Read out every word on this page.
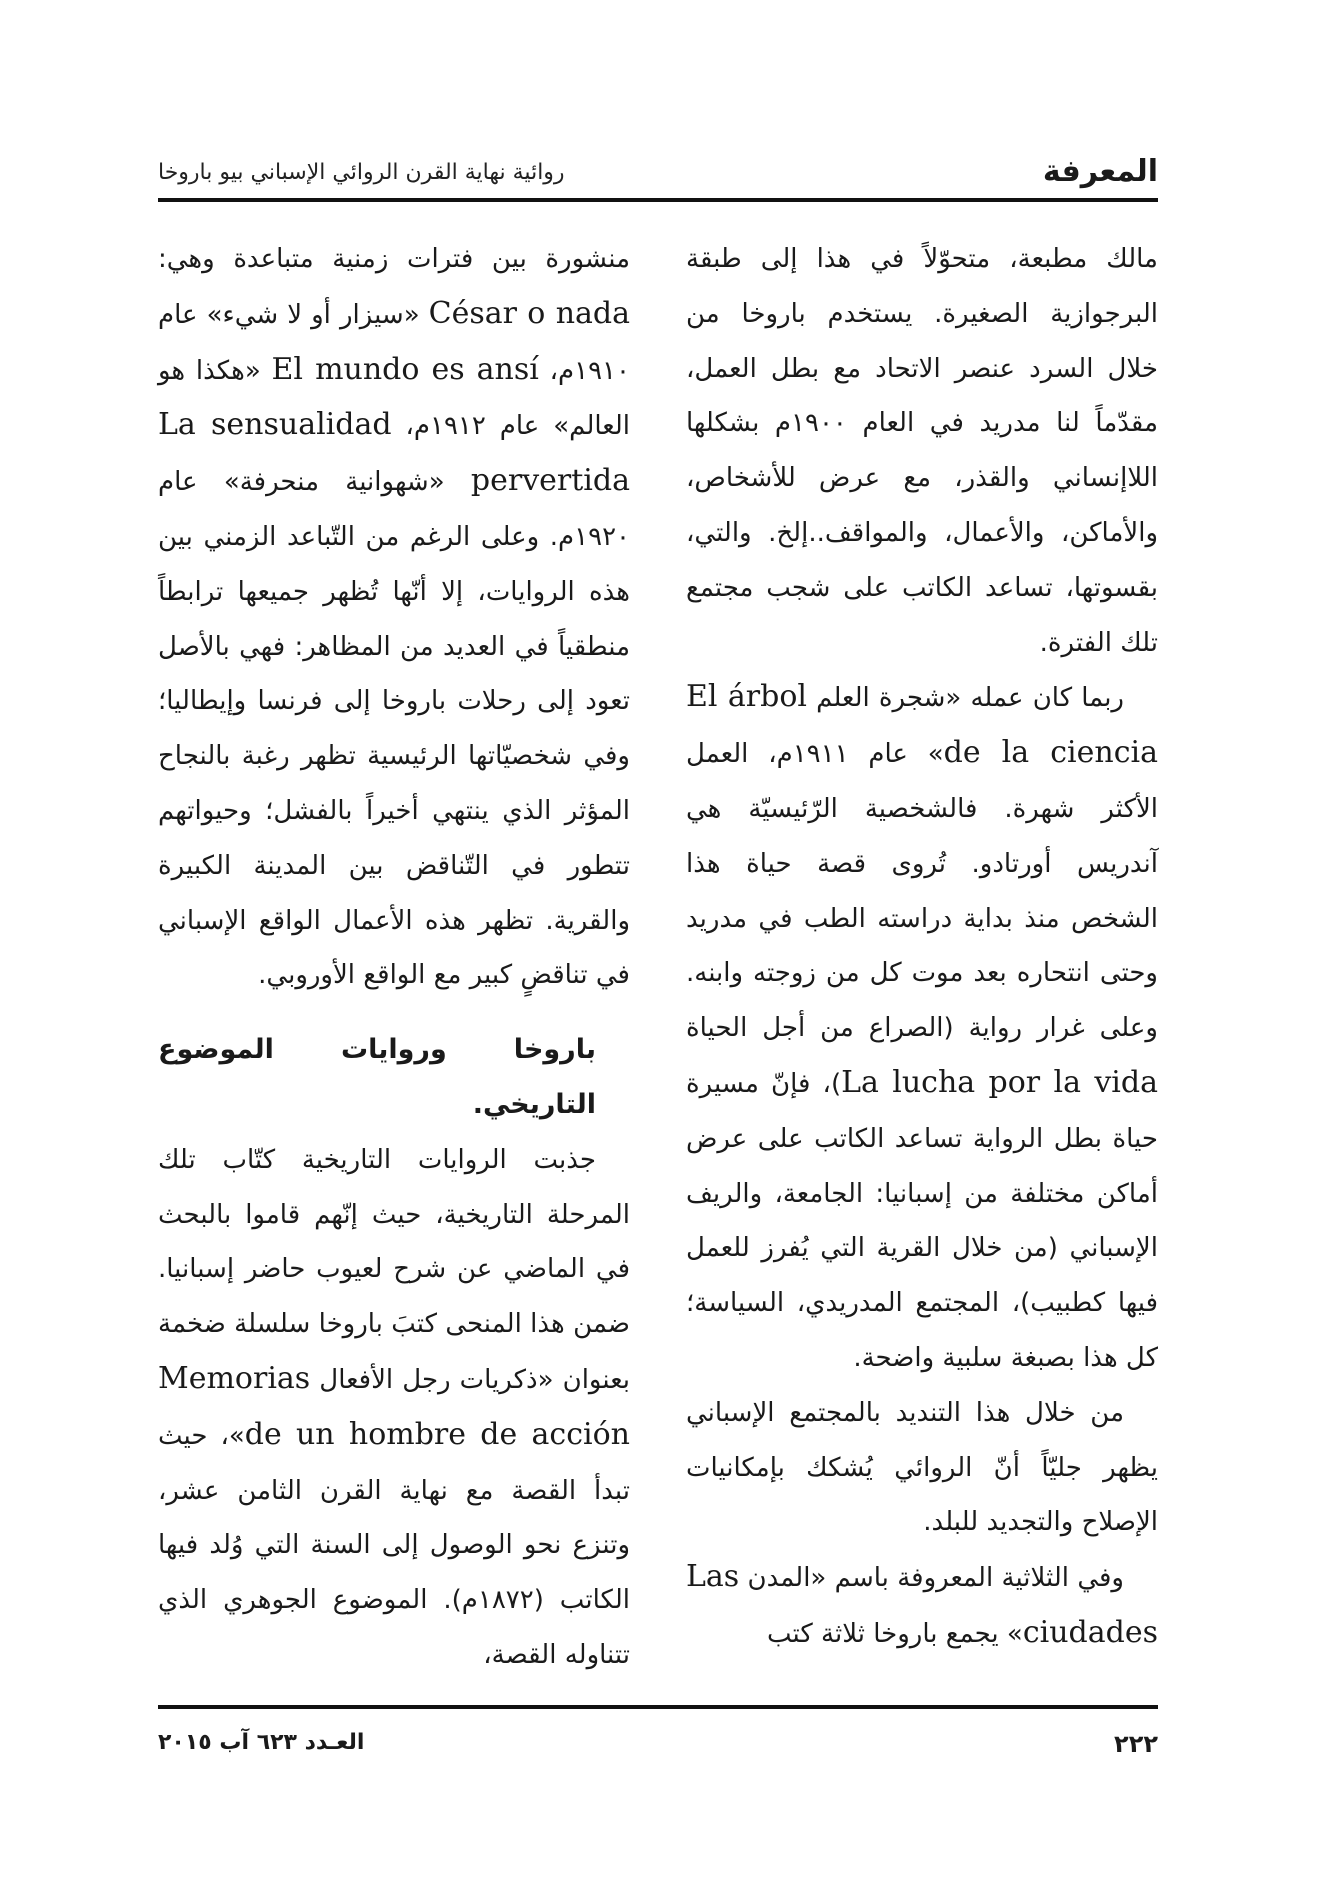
المعرفة
روائية نهاية القرن الروائي الإسباني بيو باروخا

مالك مطبعة، متحوّلاً في هذا إلى طبقة البرجوازية الصغيرة. يستخدم باروخا من خلال السرد عنصر الاتحاد مع بطل العمل، مقدّماً لنا مدريد في العام ١٩٠٠م بشكلها اللاإنساني والقذر، مع عرض للأشخاص، والأماكن، والأعمال، والمواقف..إلخ. والتي، بقسوتها، تساعد الكاتب على شجب مجتمع تلك الفترة.

ربما كان عمله «شجرة العلم El árbol de la ciencia» عام ١٩١١م، العمل الأكثر شهرة. فالشخصية الرّئيسيّة هي آندريس أورتادو. تُروى قصة حياة هذا الشخص منذ بداية دراسته الطب في مدريد وحتى انتحاره بعد موت كل من زوجته وابنه. وعلى غرار رواية (الصراع من أجل الحياة La lucha por la vida)، فإنّ مسيرة حياة بطل الرواية تساعد الكاتب على عرض أماكن مختلفة من إسبانيا: الجامعة، والريف الإسباني (من خلال القرية التي يُفرز للعمل فيها كطبيب)، المجتمع المدريدي، السياسة؛ كل هذا بصبغة سلبية واضحة.

من خلال هذا التنديد بالمجتمع الإسباني يظهر جليّاً أنّ الروائي يُشكك بإمكانيات الإصلاح والتجديد للبلد.

وفي الثلاثية المعروفة باسم «المدن Las ciudades» يجمع باروخا ثلاثة كتب

منشورة بين فترات زمنية متباعدة وهي: César o nada «سيزار أو لا شيء» عام ١٩١٠م، El mundo es ansí «هكذا هو العالم» عام ١٩١٢م، La sensualidad pervertida «شهوانية منحرفة» عام ١٩٢٠م. وعلى الرغم من التّباعد الزمني بين هذه الروايات، إلا أنّها تُظهر جميعها ترابطاً منطقياً في العديد من المظاهر: فهي بالأصل تعود إلى رحلات باروخا إلى فرنسا وإيطاليا؛ وفي شخصيّاتها الرئيسية تظهر رغبة بالنجاح المؤثر الذي ينتهي أخيراً بالفشل؛ وحيواتهم تتطور في التّناقض بين المدينة الكبيرة والقرية. تظهر هذه الأعمال الواقع الإسباني في تناقضٍ كبير مع الواقع الأوروبي.

باروخا وروايات الموضوع التاريخي.

جذبت الروايات التاريخية كتّاب تلك المرحلة التاريخية، حيث إنّهم قاموا بالبحث في الماضي عن شرح لعيوب حاضر إسبانيا. ضمن هذا المنحى كتبَ باروخا سلسلة ضخمة بعنوان «ذكريات رجل الأفعال Memorias de un hombre de acción»، حيث تبدأ القصة مع نهاية القرن الثامن عشر، وتنزع نحو الوصول إلى السنة التي وُلد فيها الكاتب (١٨٧٢م). الموضوع الجوهري الذي تتناوله القصة،

٢٢٢
العـدد ٦٢٣ آب ٢٠١٥
